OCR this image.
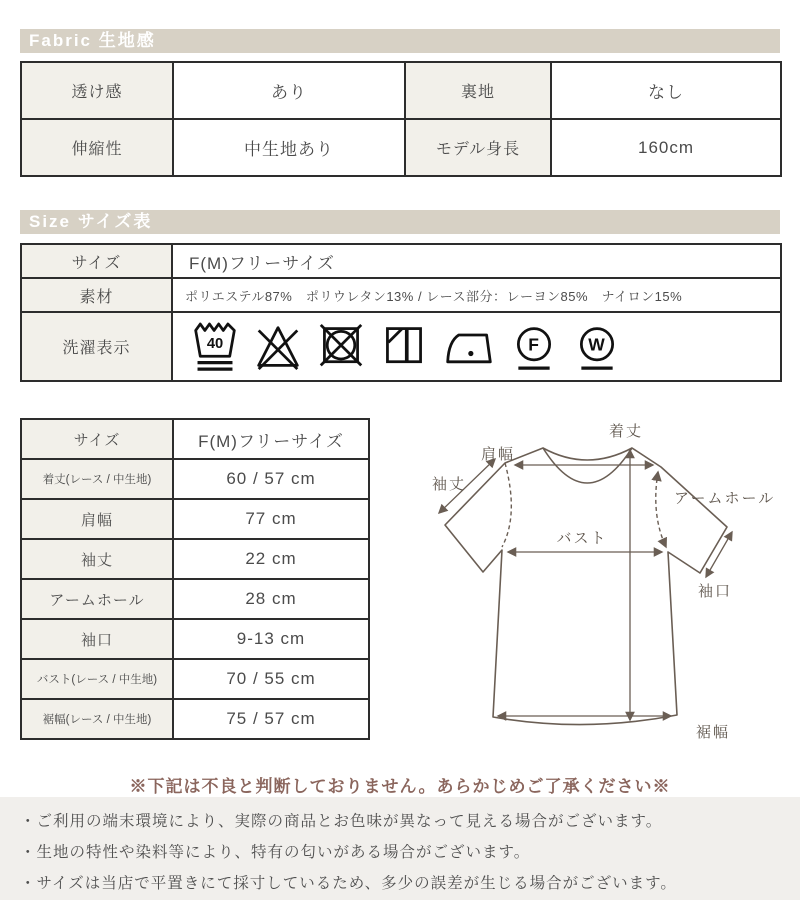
Fabric 生地感
透け感	あり	裏地	なし
伸縮性	中生地あり	モデル身長	160cm
Size サイズ表
サイズ	F(M)フリーサイズ
素材	ポリエステル87%　ポリウレタン13% / レース部分：レーヨン85%　ナイロン15%
洗濯表示	40 F W
サイズ	F(M)フリーサイズ
着丈(レース / 中生地)	60 / 57 cm
肩幅	77 cm
袖丈	22 cm
アームホール	28 cm
袖口	9-13 cm
バスト(レース / 中生地)	70 / 55 cm
裾幅(レース / 中生地)	75 / 57 cm
肩幅
着丈
袖丈
アームホール
バスト
袖口
裾幅
※下記は不良と判断しておりません。あらかじめご了承ください※
・ご利用の端末環境により、実際の商品とお色味が異なって見える場合がございます。
・生地の特性や染料等により、特有の匂いがある場合がございます。
・サイズは当店で平置きにて採寸しているため、多少の誤差が生じる場合がございます。
